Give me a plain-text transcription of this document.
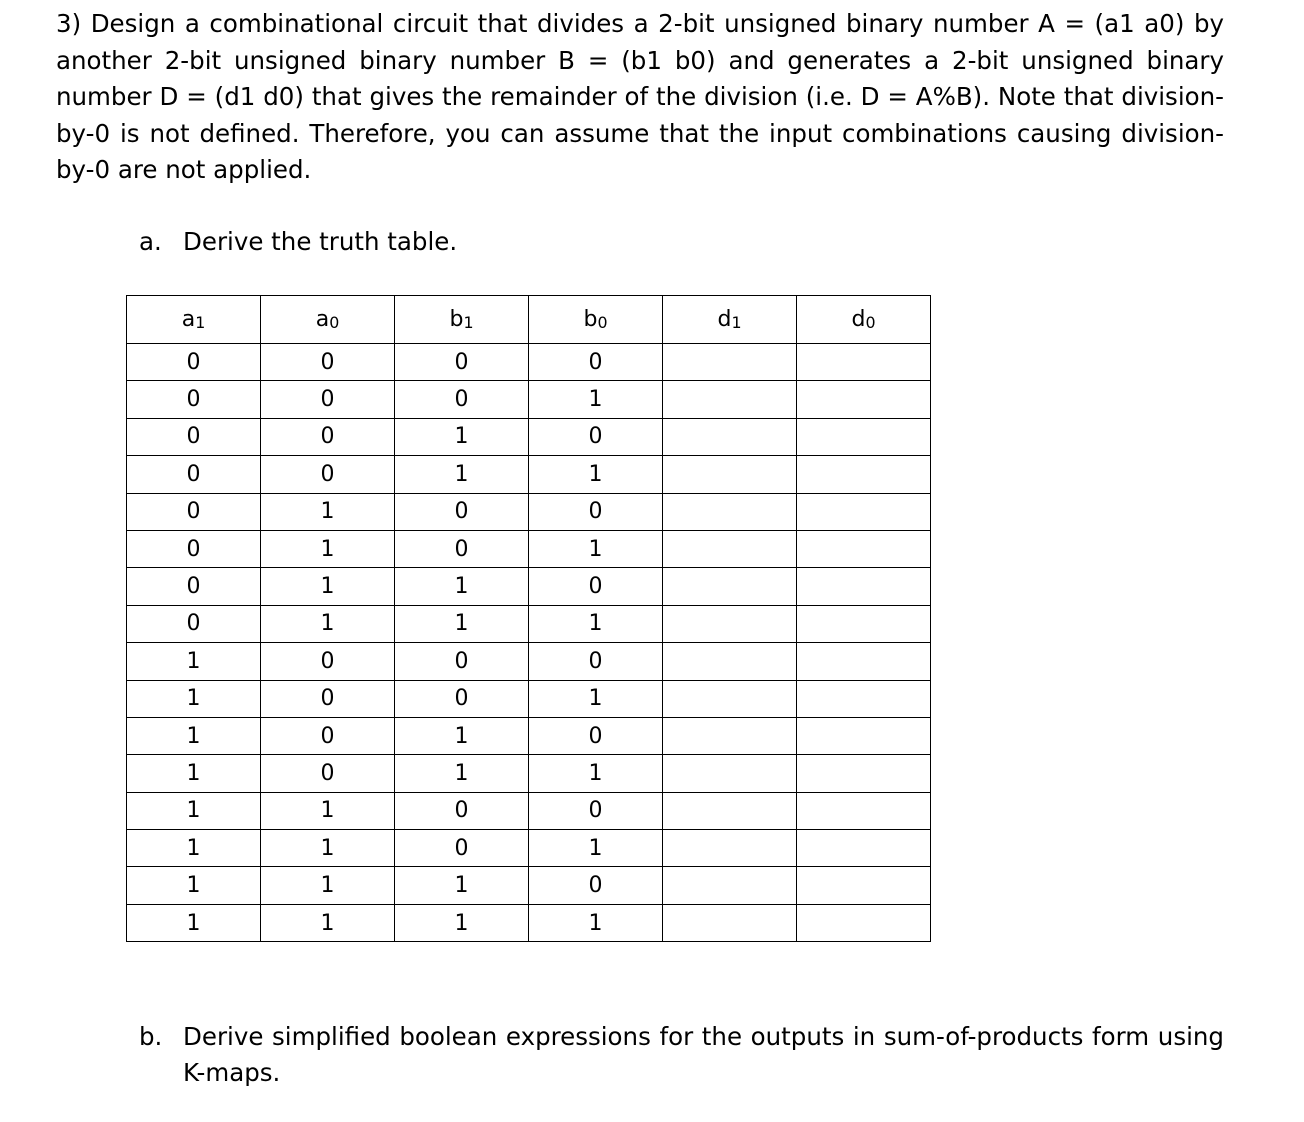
3) Design a combinational circuit that divides a 2-bit unsigned binary number A = (a1 a0) by another 2-bit unsigned binary number B = (b1 b0) and generates a 2-bit unsigned binary number D = (d1 d0) that gives the remainder of the division (i.e. D = A%B). Note that division-by-0 is not defined. Therefore, you can assume that the input combinations causing division-by-0 are not applied.

a. Derive the truth table.
a1	a0	b1	b0	d1	d0
0	0	0	0		
0	0	0	1		
0	0	1	0		
0	0	1	1		
0	1	0	0		
0	1	0	1		
0	1	1	0		
0	1	1	1		
1	0	0	0		
1	0	0	1		
1	0	1	0		
1	0	1	1		
1	1	0	0		
1	1	0	1		
1	1	1	0		
1	1	1	1		
b. Derive simplified boolean expressions for the outputs in sum-of-products form using K-maps.
